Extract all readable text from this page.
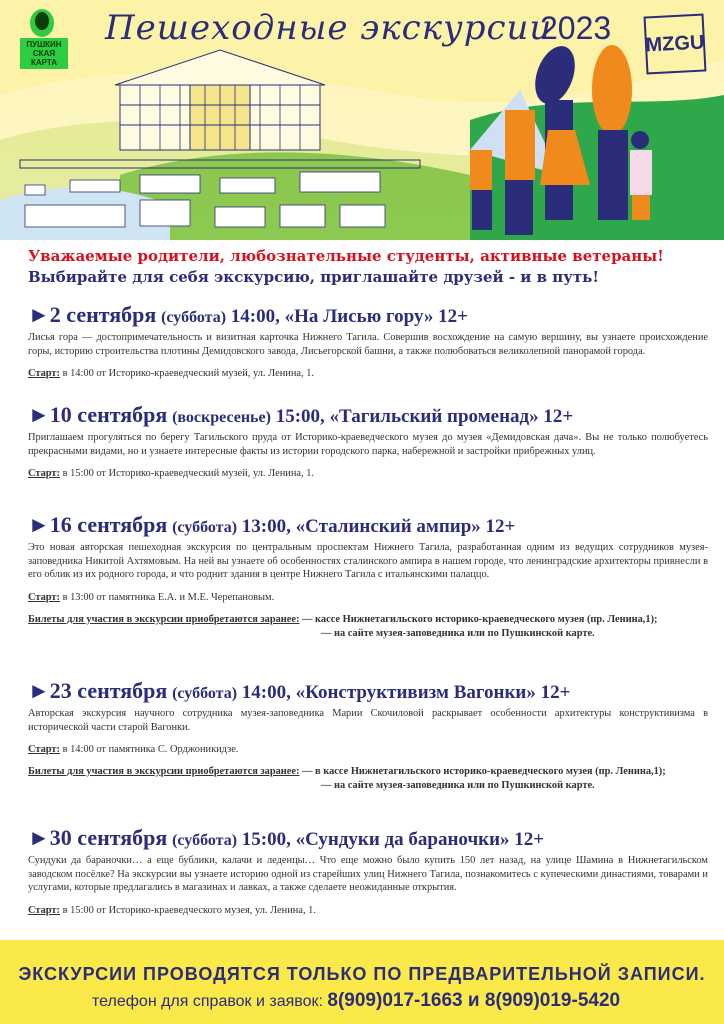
ПУШКИН
СКАЯ
КАРТА
Пешеходные экскурсии
2023 MZGU
Уважаемые родители, любознательные студенты, активные ветераны!
Выбирайте для себя экскурсию, приглашайте друзей - и в путь!
►2 сентября (суббота) 14:00, «На Лисью гору» 12+

Лисья гора — достопримечательность и визитная карточка Нижнего Тагила. Совершив восхождение на самую вершину, вы узнаете происхождение горы, историю строительства плотины Демидовского завода, Лисьегорской башни, а также полюбоваться великолепной панорамой города.

Старт: в 14:00 от Историко-краеведческий музей, ул. Ленина, 1.
►10 сентября (воскресенье) 15:00, «Тагильский променад» 12+

Приглашаем прогуляться по берегу Тагильского пруда от Историко-краеведческого музея до музея «Демидовская дача». Вы не только полюбуетесь прекрасными видами, но и узнаете интересные факты из истории городского парка, набережной и застройки прибрежных улиц.

Старт: в 15:00 от Историко-краеведческий музей, ул. Ленина, 1.
►16 сентября (суббота) 13:00, «Сталинский ампир» 12+

Это новая авторская пешеходная экскурсия по центральным проспектам Нижнего Тагила, разработанная одним из ведущих сотрудников музея-заповедника Никитой Ахтямовым. На ней вы узнаете об особенностях сталинского ампира в нашем городе, что ленинградские архитекторы привнесли в его облик из их родного города, и что роднит здания в центре Нижнего Тагила с итальянскими палаццо.

Старт: в 13:00 от памятника Е.А. и М.Е. Черепановым.
Билеты для участия в экскурсии приобретаются заранее: — кассе Нижнетагильского историко-краеведческого музея (пр. Ленина,1);
— на сайте музея-заповедника или по Пушкинской карте.
►23 сентября (суббота) 14:00, «Конструктивизм Вагонки» 12+

Авторская экскурсия научного сотрудника музея-заповедника Марии Скочиловой раскрывает особенности архитектуры конструктивизма в исторической части старой Вагонки.

Старт: в 14:00 от памятника С. Орджоникидзе.
Билеты для участия в экскурсии приобретаются заранее: — в кассе Нижнетагильского историко-краеведческого музея (пр. Ленина,1);
— на сайте музея-заповедника или по Пушкинской карте.
►30 сентября (суббота) 15:00, «Сундуки да бараночки» 12+

Сундуки да бараночки… а еще бублики, калачи и леденцы… Что еще можно было купить 150 лет назад, на улице Шамина в Нижнетагильском заводском посёлке? На экскурсии вы узнаете историю одной из старейших улиц Нижнего Тагила, познакомитесь с купеческими династиями, товарами и услугами, которые предлагались в магазинах и лавках, а также сделаете неожиданные открытия.

Старт: в 15:00 от Историко-краеведческого музея, ул. Ленина, 1.
ЭКСКУРСИИ ПРОВОДЯТСЯ ТОЛЬКО ПО ПРЕДВАРИТЕЛЬНОЙ ЗАПИСИ.
телефон для справок и заявок: 8(909)017-1663 и 8(909)019-5420
